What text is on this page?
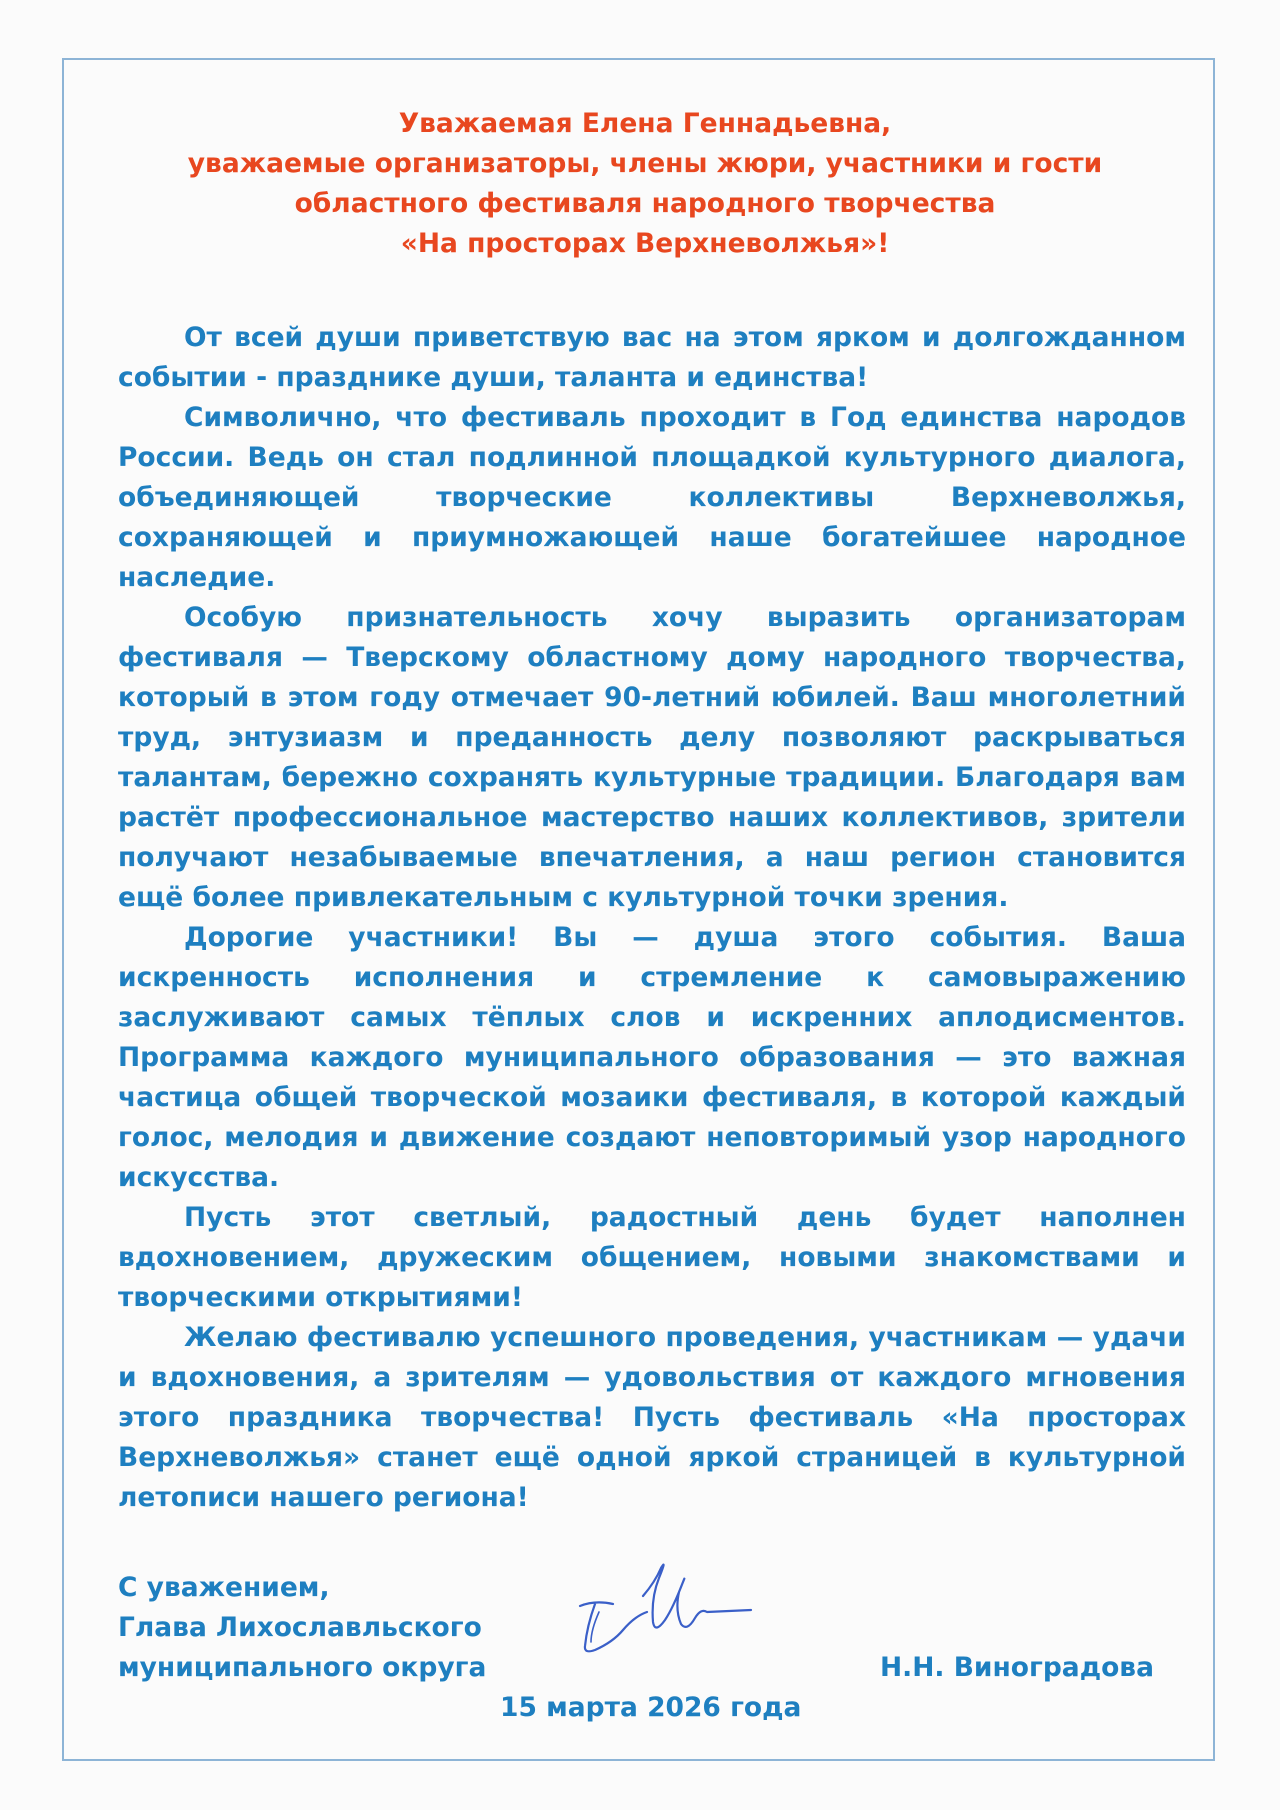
Уважаемая Елена Геннадьевна,
уважаемые организаторы, члены жюри, участники и гости
областного фестиваля народного творчества
«На просторах Верхневолжья»!

От всей души приветствую вас на этом ярком и долгожданном событии - празднике души, таланта и единства!

Символично, что фестиваль проходит в Год единства народов России. Ведь он стал подлинной площадкой культурного диалога, объединяющей творческие коллективы Верхневолжья, сохраняющей и приумножающей наше богатейшее народное наследие.

Особую признательность хочу выразить организаторам фестиваля — Тверскому областному дому народного творчества, который в этом году отмечает 90-летний юбилей. Ваш многолетний труд, энтузиазм и преданность делу позволяют раскрываться талантам, бережно сохранять культурные традиции. Благодаря вам растёт профессиональное мастерство наших коллективов, зрители получают незабываемые впечатления, а наш регион становится ещё более привлекательным с культурной точки зрения.

Дорогие участники! Вы — душа этого события. Ваша искренность исполнения и стремление к самовыражению заслуживают самых тёплых слов и искренних аплодисментов. Программа каждого муниципального образования — это важная частица общей творческой мозаики фестиваля, в которой каждый голос, мелодия и движение создают неповторимый узор народного искусства.

Пусть этот светлый, радостный день будет наполнен вдохновением, дружеским общением, новыми знакомствами и творческими открытиями!

Желаю фестивалю успешного проведения, участникам — удачи и вдохновения, а зрителям — удовольствия от каждого мгновения этого праздника творчества! Пусть фестиваль «На просторах Верхневолжья» станет ещё одной яркой страницей в культурной летописи нашего региона!

С уважением,
Глава Лихославльского
муниципального округа	Н.Н. Виноградова
15 марта 2026 года
